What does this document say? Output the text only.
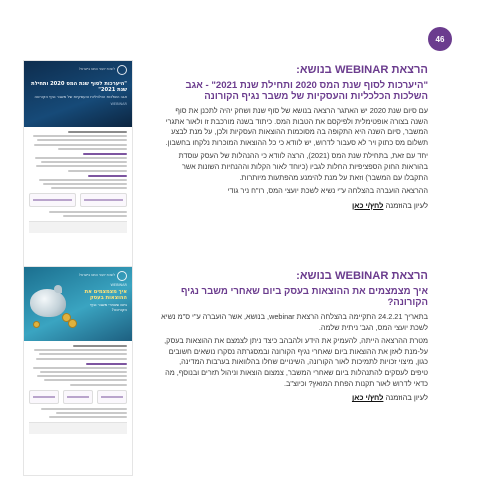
46
הרצאת WEBINAR בנושא:
"היערכות לסוף שנת המס 2020 ותחילת שנת 2021" - אגב השלכות הכלכליות והעסקיות של משבר נגיף הקורונה

עם סיום שנת 2020 יש האתגר הרצאה בנושא של סוף שנת ושחק יהיה לתכנן את סוף השנה בצורה אופטימלית ולפיקסם את הטבות המס. כיתוד בשנה מורכבת זו ולאור אתגרי המשבר, סיום השנה היא התקופה בה מסוכמות ההוצאות העסקיות ולכן, על מנת לבצע תשלום מס כתוק ויר לא סעבור לדרוש, יש לוודא כי כל ההוצאות המוכרות נלקחו בחשבון.

יחד עם זאת, בתחילת שנת המס (2021), הרצה לוודא כי ההנהלות של העסק עוסדת בהוראות החוק הספציפיות החלות לגביו (כיוחד לאור הקלות וההנחיות השונות אשר התקבלו עם המשבר) וזאת על מנת להימנע מהפתעות מיותרות.

ההרצאה הועברה בהצלחה ע"י נשיא לשכת יועצי המס, רו"ח ניר גודי

לעיון בהוזמנה לחץ/י כאן
הרצאת WEBINAR בנושא:
איך מצמצמים את ההוצאות בעסק ביום שאחרי משבר נגיף הקורונה?

בתאריך 24.2.21 התקיימה בהצלחה הרצאת webinar, בנושא, אשר הועברה ע"י ס"מ נשיא לשכת יועצי המס, הגב' ניתית שלמה.

מטרת ההרצאה הייתה, להעמיק את הידע ולהבהב כיצד ניתן לצמצם את ההוצאות בעסק, על-מנת לאזן את ההוצאות ביום שאחרי נגיף הקורונה ובמסגרתה נסקרו נושאים חשובים כגון, מיצוי זכויות לתמיכות לאור הקורונה, השינויים שחלו בהלוואות בערבות המדינה, טיפים לעסקים להתנהלות ביום שאחרי המשבר, צמצום הוצאות וניהול תזרים ובנוסף, מה כדאי לדרוש לאור תקנות הפחת המואץ? וכיוצ"ב.

לעיון בהוזמנה לחץ/י כאן
לשכת יועצי המס בישראל
"היערכות לסוף שנת המס 2020 ותחילת שנת 2021"
אגב השלכות הכלכליות והעסקיות של משבר נגיף הקורונה
WEBINAR
לשכת יועצי המס בישראל
WEBINAR
איך מצמצמים את ההוצאות בעסק
ביום שאחרי משבר נגיף הקורונה?
